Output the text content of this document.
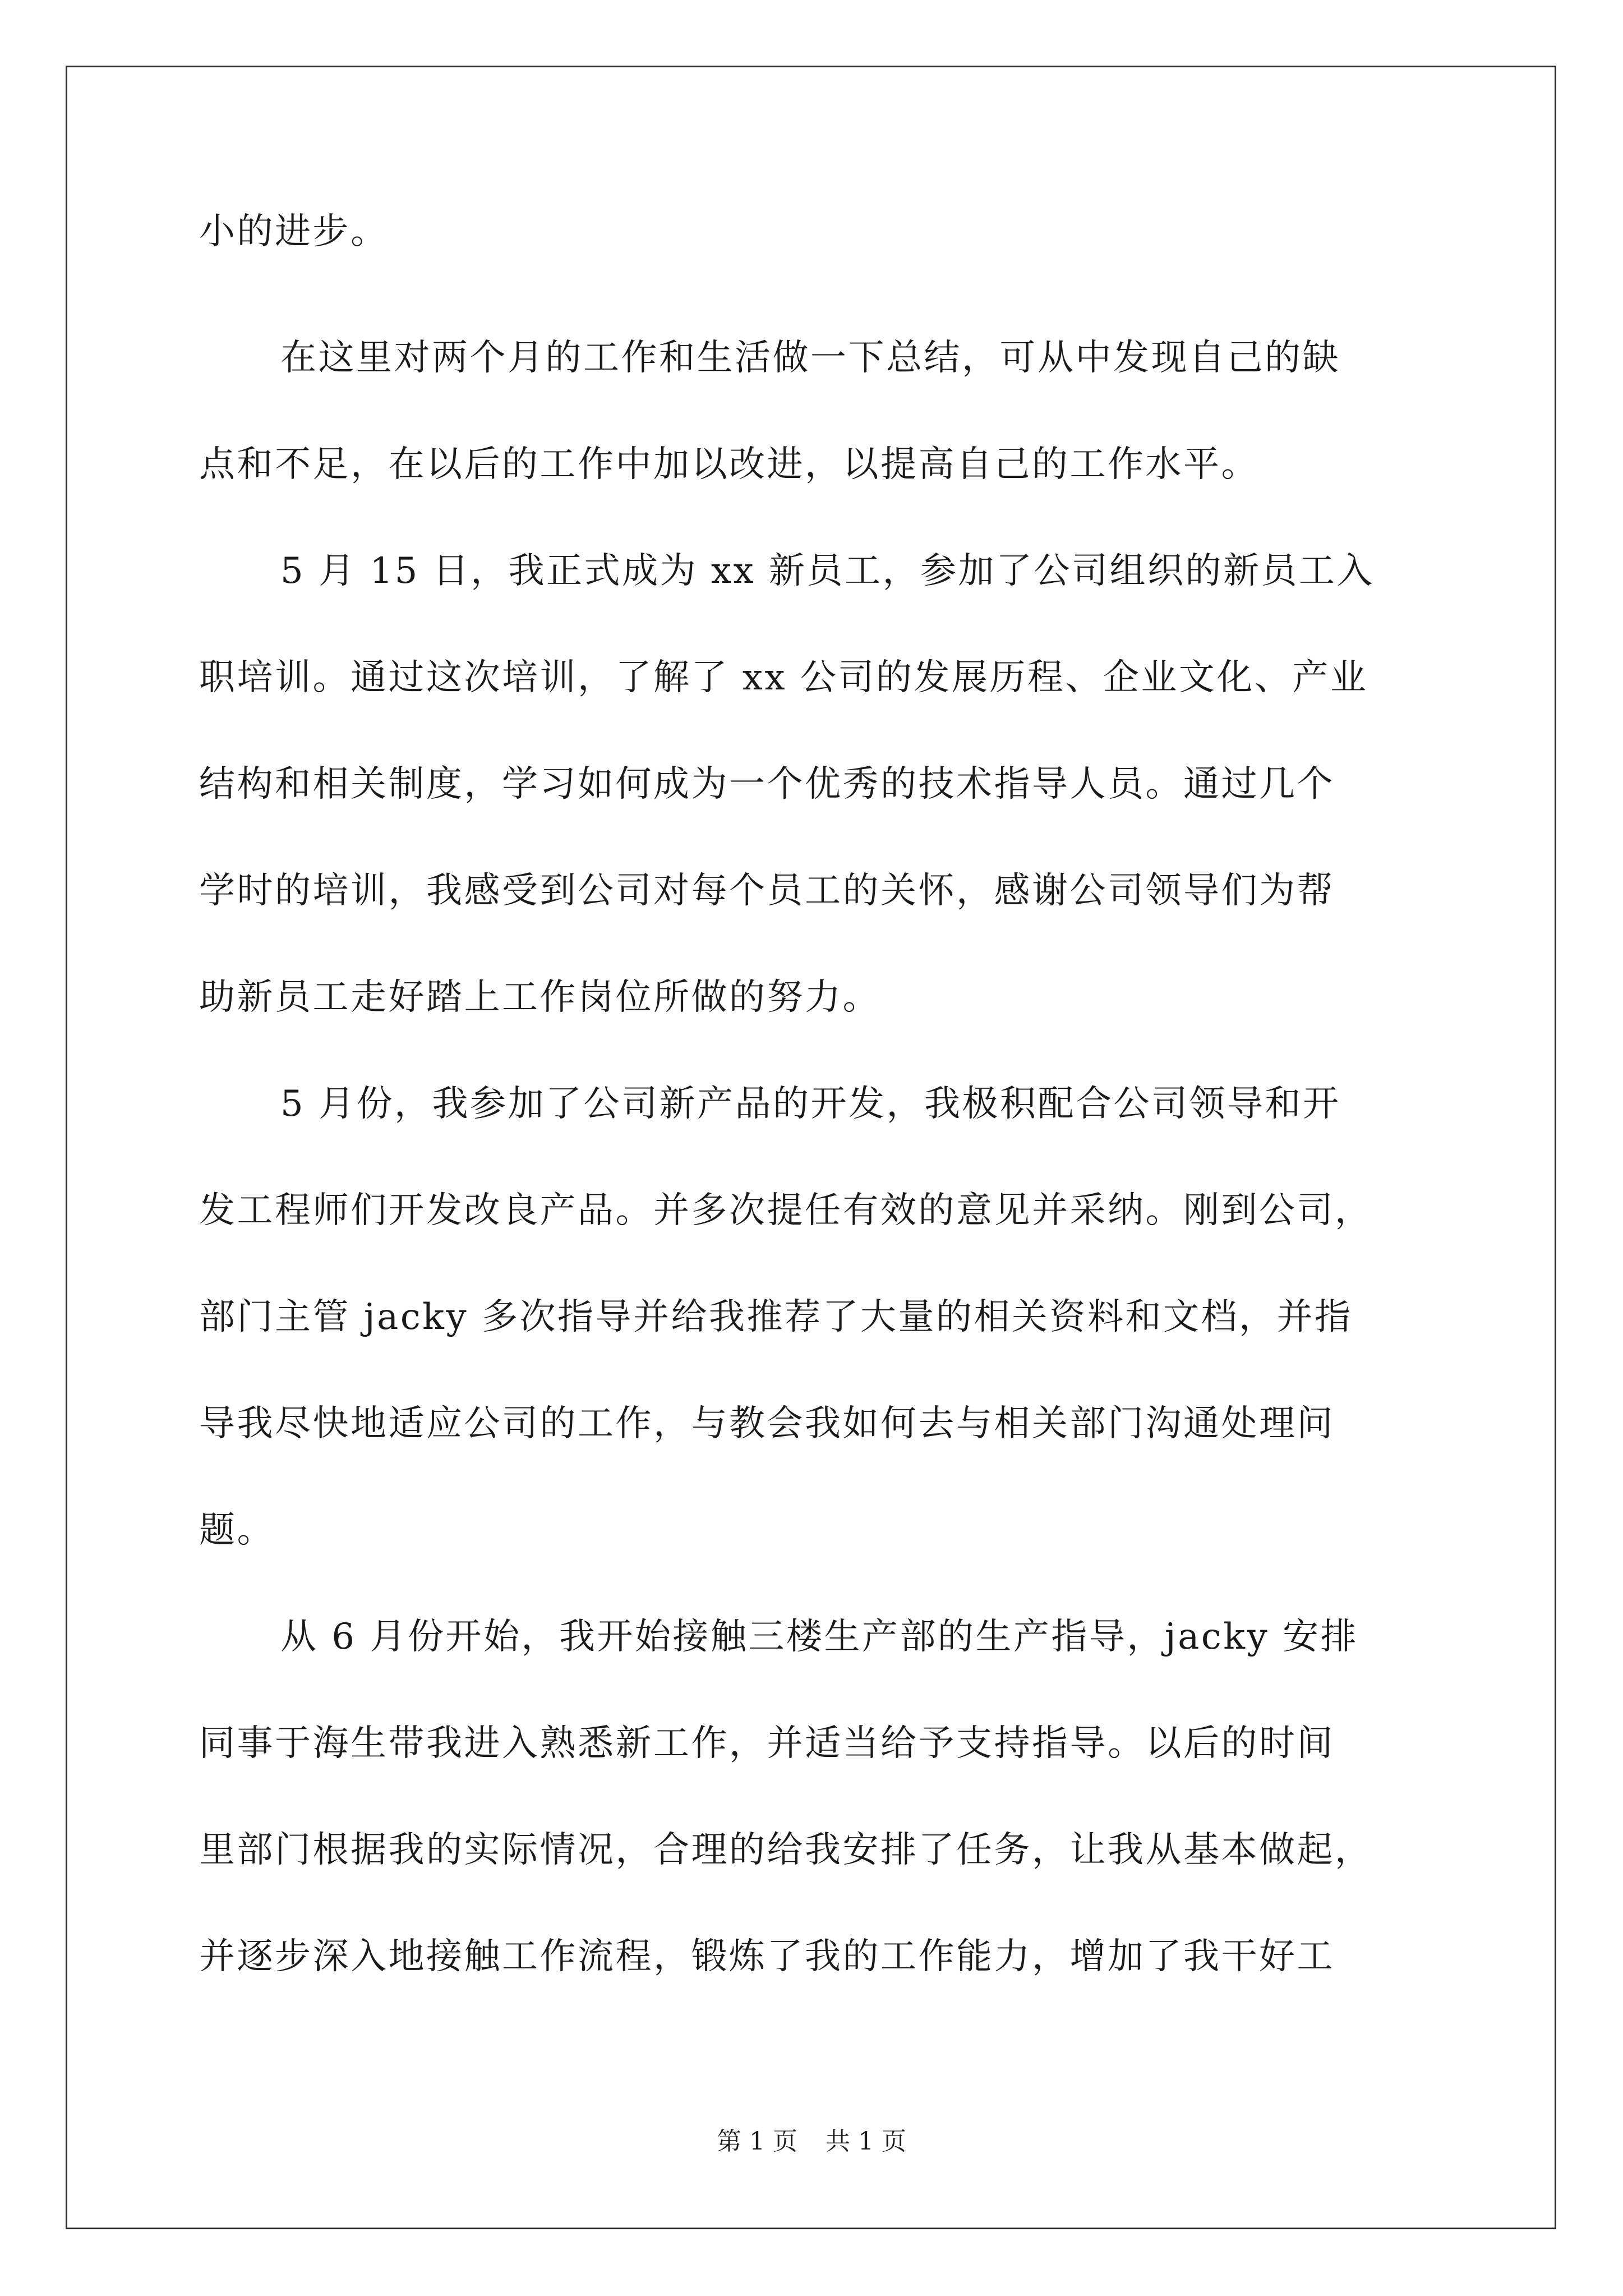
小的进步。
在这里对两个月的工作和生活做一下总结，可从中发现自己的缺
点和不足，在以后的工作中加以改进，以提高自己的工作水平。
5 月 15 日，我正式成为 xx 新员工，参加了公司组织的新员工入
职培训。通过这次培训，了解了 xx 公司的发展历程、企业文化、产业
结构和相关制度，学习如何成为一个优秀的技术指导人员。通过几个
学时的培训，我感受到公司对每个员工的关怀，感谢公司领导们为帮
助新员工走好踏上工作岗位所做的努力。
5 月份，我参加了公司新产品的开发，我极积配合公司领导和开
发工程师们开发改良产品。并多次提任有效的意见并采纳。刚到公司，
部门主管 jacky 多次指导并给我推荐了大量的相关资料和文档，并指
导我尽快地适应公司的工作，与教会我如何去与相关部门沟通处理问
题。
从 6 月份开始，我开始接触三楼生产部的生产指导，jacky 安排
同事于海生带我进入熟悉新工作，并适当给予支持指导。以后的时间
里部门根据我的实际情况，合理的给我安排了任务，让我从基本做起，
并逐步深入地接触工作流程，锻炼了我的工作能力，增加了我干好工
第 1 页 共 1 页
